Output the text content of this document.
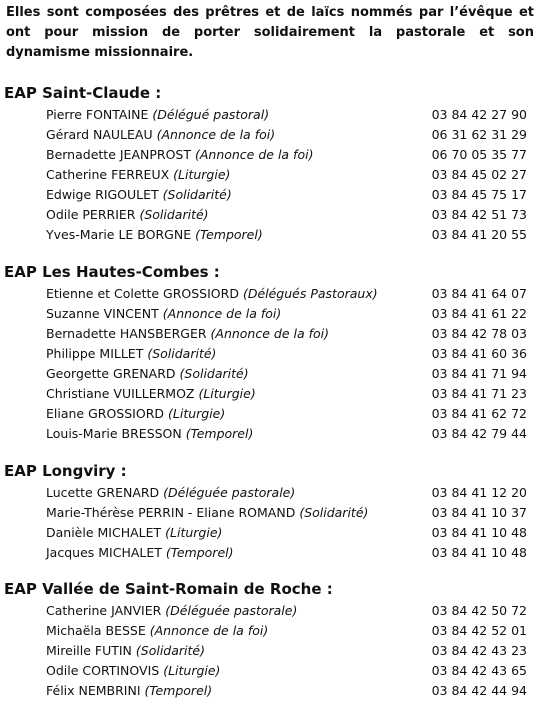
Elles sont composées des prêtres et de laïcs nommés par l’évêque et ont pour mission de porter solidairement la pastorale et son dynamisme missionnaire.
EAP Saint-Claude :
Pierre FONTAINE (Délégué pastoral)	03 84 42 27 90
Gérard NAULEAU (Annonce de la foi)	06 31 62 31 29
Bernadette JEANPROST (Annonce de la foi)	06 70 05 35 77
Catherine FERREUX (Liturgie)	03 84 45 02 27
Edwige RIGOULET (Solidarité)	03 84 45 75 17
Odile PERRIER (Solidarité)	03 84 42 51 73
Yves-Marie LE BORGNE (Temporel)	03 84 41 20 55
EAP Les Hautes-Combes :
Etienne et Colette GROSSIORD (Délégués Pastoraux)	03 84 41 64 07
Suzanne VINCENT (Annonce de la foi)	03 84 41 61 22
Bernadette HANSBERGER (Annonce de la foi)	03 84 42 78 03
Philippe MILLET (Solidarité)	03 84 41 60 36
Georgette GRENARD (Solidarité)	03 84 41 71 94
Christiane VUILLERMOZ (Liturgie)	03 84 41 71 23
Eliane GROSSIORD (Liturgie)	03 84 41 62 72
Louis-Marie BRESSON (Temporel)	03 84 42 79 44
EAP Longviry :
Lucette GRENARD (Déléguée pastorale)	03 84 41 12 20
Marie-Thérèse PERRIN - Eliane ROMAND (Solidarité)	03 84 41 10 37
Danièle MICHALET (Liturgie)	03 84 41 10 48
Jacques MICHALET (Temporel)	03 84 41 10 48
EAP Vallée de Saint-Romain de Roche :
Catherine JANVIER (Déléguée pastorale)	03 84 42 50 72
Michaëla BESSE (Annonce de la foi)	03 84 42 52 01
Mireille FUTIN (Solidarité)	03 84 42 43 23
Odile CORTINOVIS (Liturgie)	03 84 42 43 65
Félix NEMBRINI (Temporel)	03 84 42 44 94
